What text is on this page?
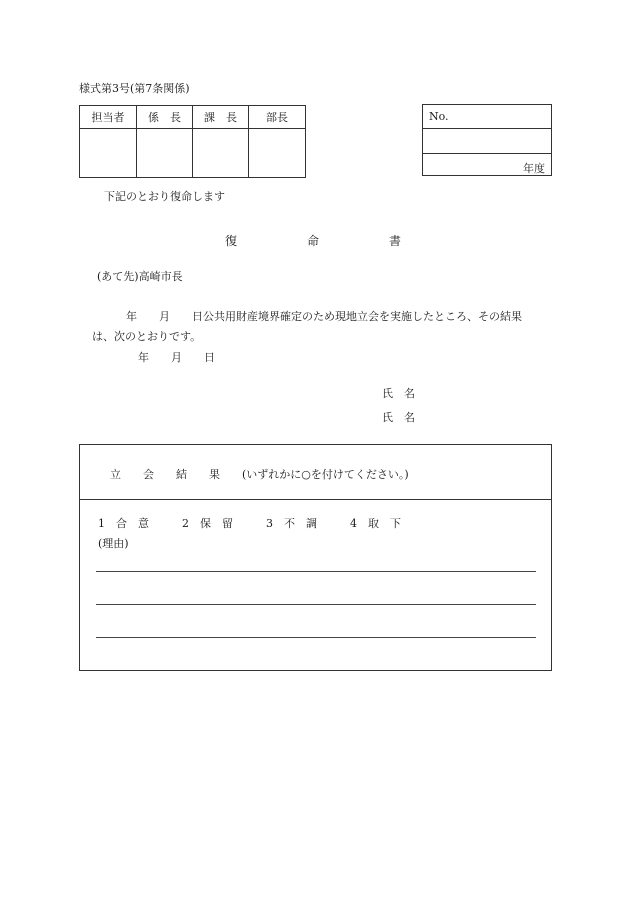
様式第3号(第7条関係)
担当者	係　長	課　長	部長
				No.
年度
下記のとおり復命します
復	命	書
(あて先)高崎市長
年　　月　　日公共用財産境界確定のため現地立会を実施したところ、その結果
は、次のとおりです。
年　　月　　日
氏　名
氏　名
立　　会　　結　　果　　(いずれかに○を付けてください。)
1　合　意　　　2　保　留　　　3　不　調　　　4　取　下
(理由)
